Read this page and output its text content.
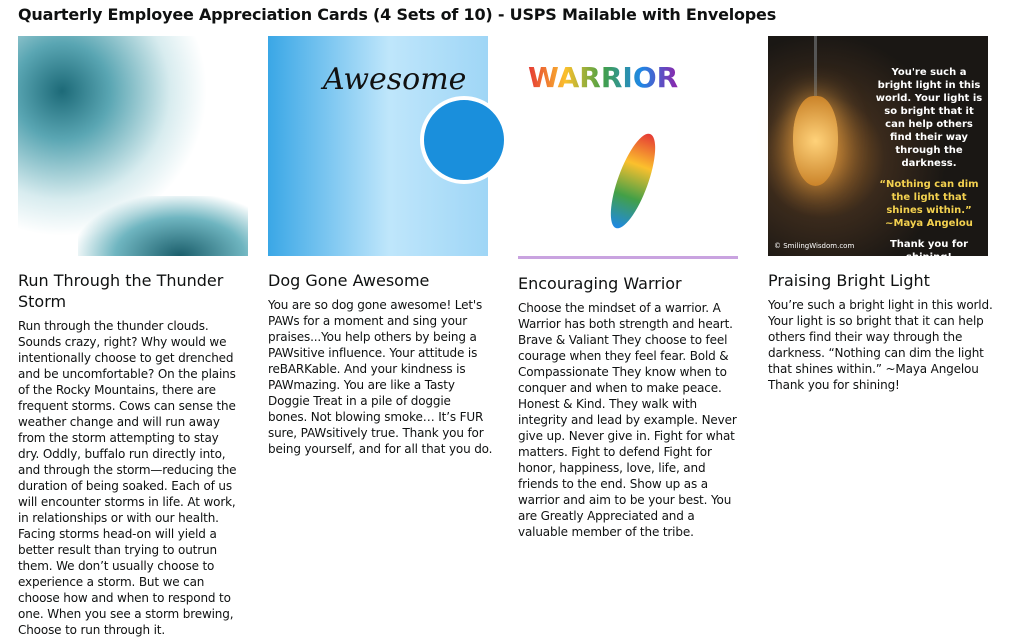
Quarterly Employee Appreciation Cards (4 Sets of 10) - USPS Mailable with Envelopes
Run Through the Thunder Storm
Run through the thunder clouds. Sounds crazy, right? Why would we intentionally choose to get drenched and be uncomfortable? On the plains of the Rocky Mountains, there are frequent storms. Cows can sense the weather change and will run away from the storm attempting to stay dry. Oddly, buffalo run directly into, and through the storm—reducing the duration of being soaked. Each of us will encounter storms in life. At work, in relationships or with our health. Facing storms head-on will yield a better result than trying to outrun them. We don’t usually choose to experience a storm. But we can choose how and when to respond to one. When you see a storm brewing, Choose to run through it.
Awesome
Dog Gone Awesome
You are so dog gone awesome! Let's PAWs for a moment and sing your praises...You help others by being a PAWsitive influence. Your attitude is reBARKable. And your kindness is PAWmazing. You are like a Tasty Doggie Treat in a pile of doggie bones. Not blowing smoke… It’s FUR sure, PAWsitively true. Thank you for being yourself, and for all that you do.
WARRIOR
Encouraging Warrior
Choose the mindset of a warrior. A Warrior has both strength and heart. Brave & Valiant They choose to feel courage when they feel fear. Bold & Compassionate They know when to conquer and when to make peace. Honest & Kind. They walk with integrity and lead by example. Never give up. Never give in. Fight for what matters. Fight to defend Fight for honor, happiness, love, life, and friends to the end. Show up as a warrior and aim to be your best. You are Greatly Appreciated and a valuable member of the tribe.
You're such a bright light in this world. Your light is so bright that it can help others find their way through the darkness.
“Nothing can dim the light that shines within.” ~Maya Angelou
Thank you for shining!
© SmilingWisdom.com
Praising Bright Light
You’re such a bright light in this world. Your light is so bright that it can help others find their way through the darkness. “Nothing can dim the light that shines within.” ~Maya Angelou Thank you for shining!
